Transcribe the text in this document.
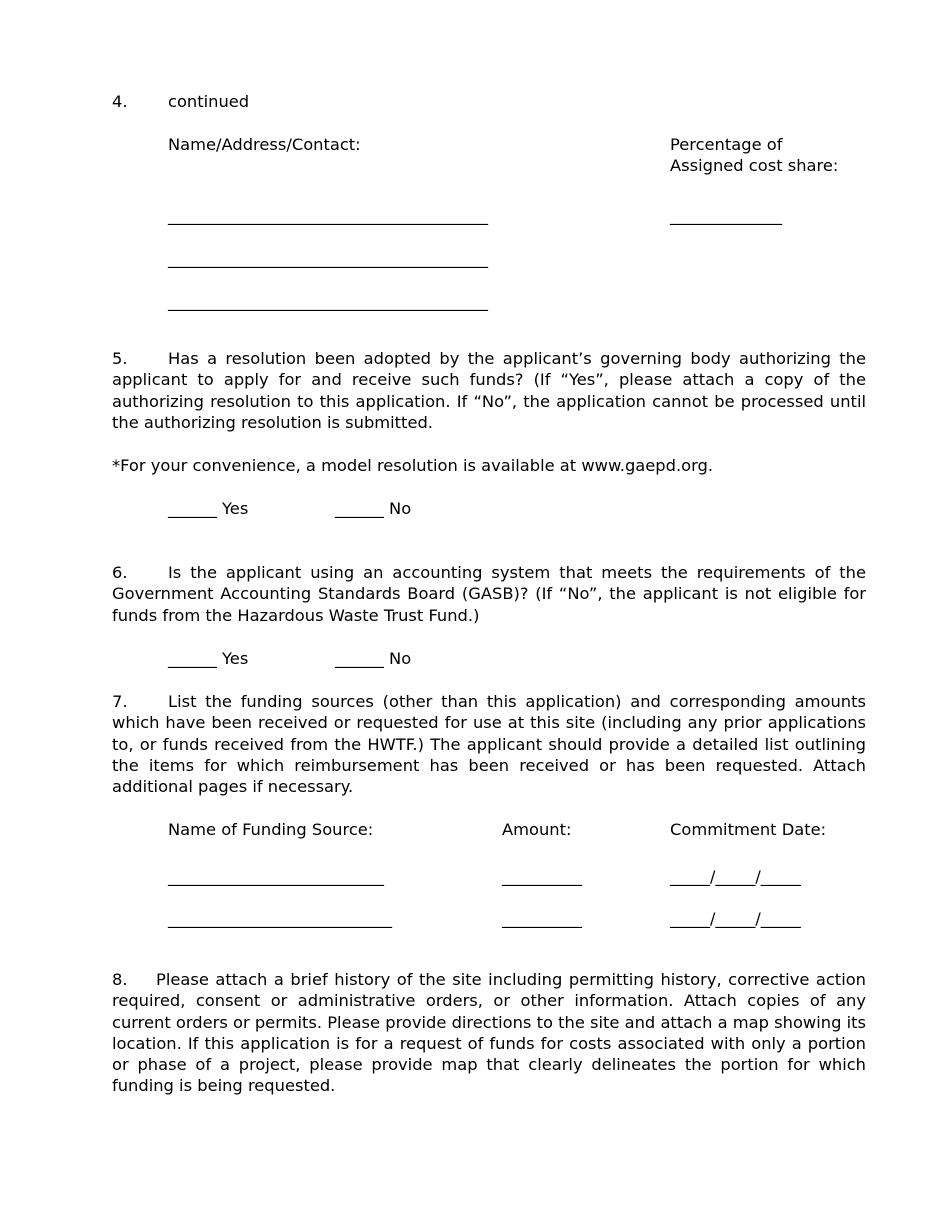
4. continued
Name/Address/Contact:	Percentage of
Assigned cost share:
________________________________________	______________
________________________________________
________________________________________
5. Has a resolution been adopted by the applicant’s governing body authorizing the applicant to apply for and receive such funds? (If “Yes”, please attach a copy of the authorizing resolution to this application. If “No”, the application cannot be processed until the authorizing resolution is submitted.
*For your convenience, a model resolution is available at www.gaepd.org.
______ Yes	______ No
6. Is the applicant using an accounting system that meets the requirements of the Government Accounting Standards Board (GASB)? (If “No”, the applicant is not eligible for funds from the Hazardous Waste Trust Fund.)
______ Yes	______ No
7. List the funding sources (other than this application) and corresponding amounts which have been received or requested for use at this site (including any prior applications to, or funds received from the HWTF.) The applicant should provide a detailed list outlining the items for which reimbursement has been received or has been requested. Attach additional pages if necessary.
Name of Funding Source:	Amount:	Commitment Date:
___________________________	__________	_____/_____/_____
____________________________	__________	_____/_____/_____
8. Please attach a brief history of the site including permitting history, corrective action required, consent or administrative orders, or other information. Attach copies of any current orders or permits. Please provide directions to the site and attach a map showing its location. If this application is for a request of funds for costs associated with only a portion or phase of a project, please provide map that clearly delineates the portion for which funding is being requested.
